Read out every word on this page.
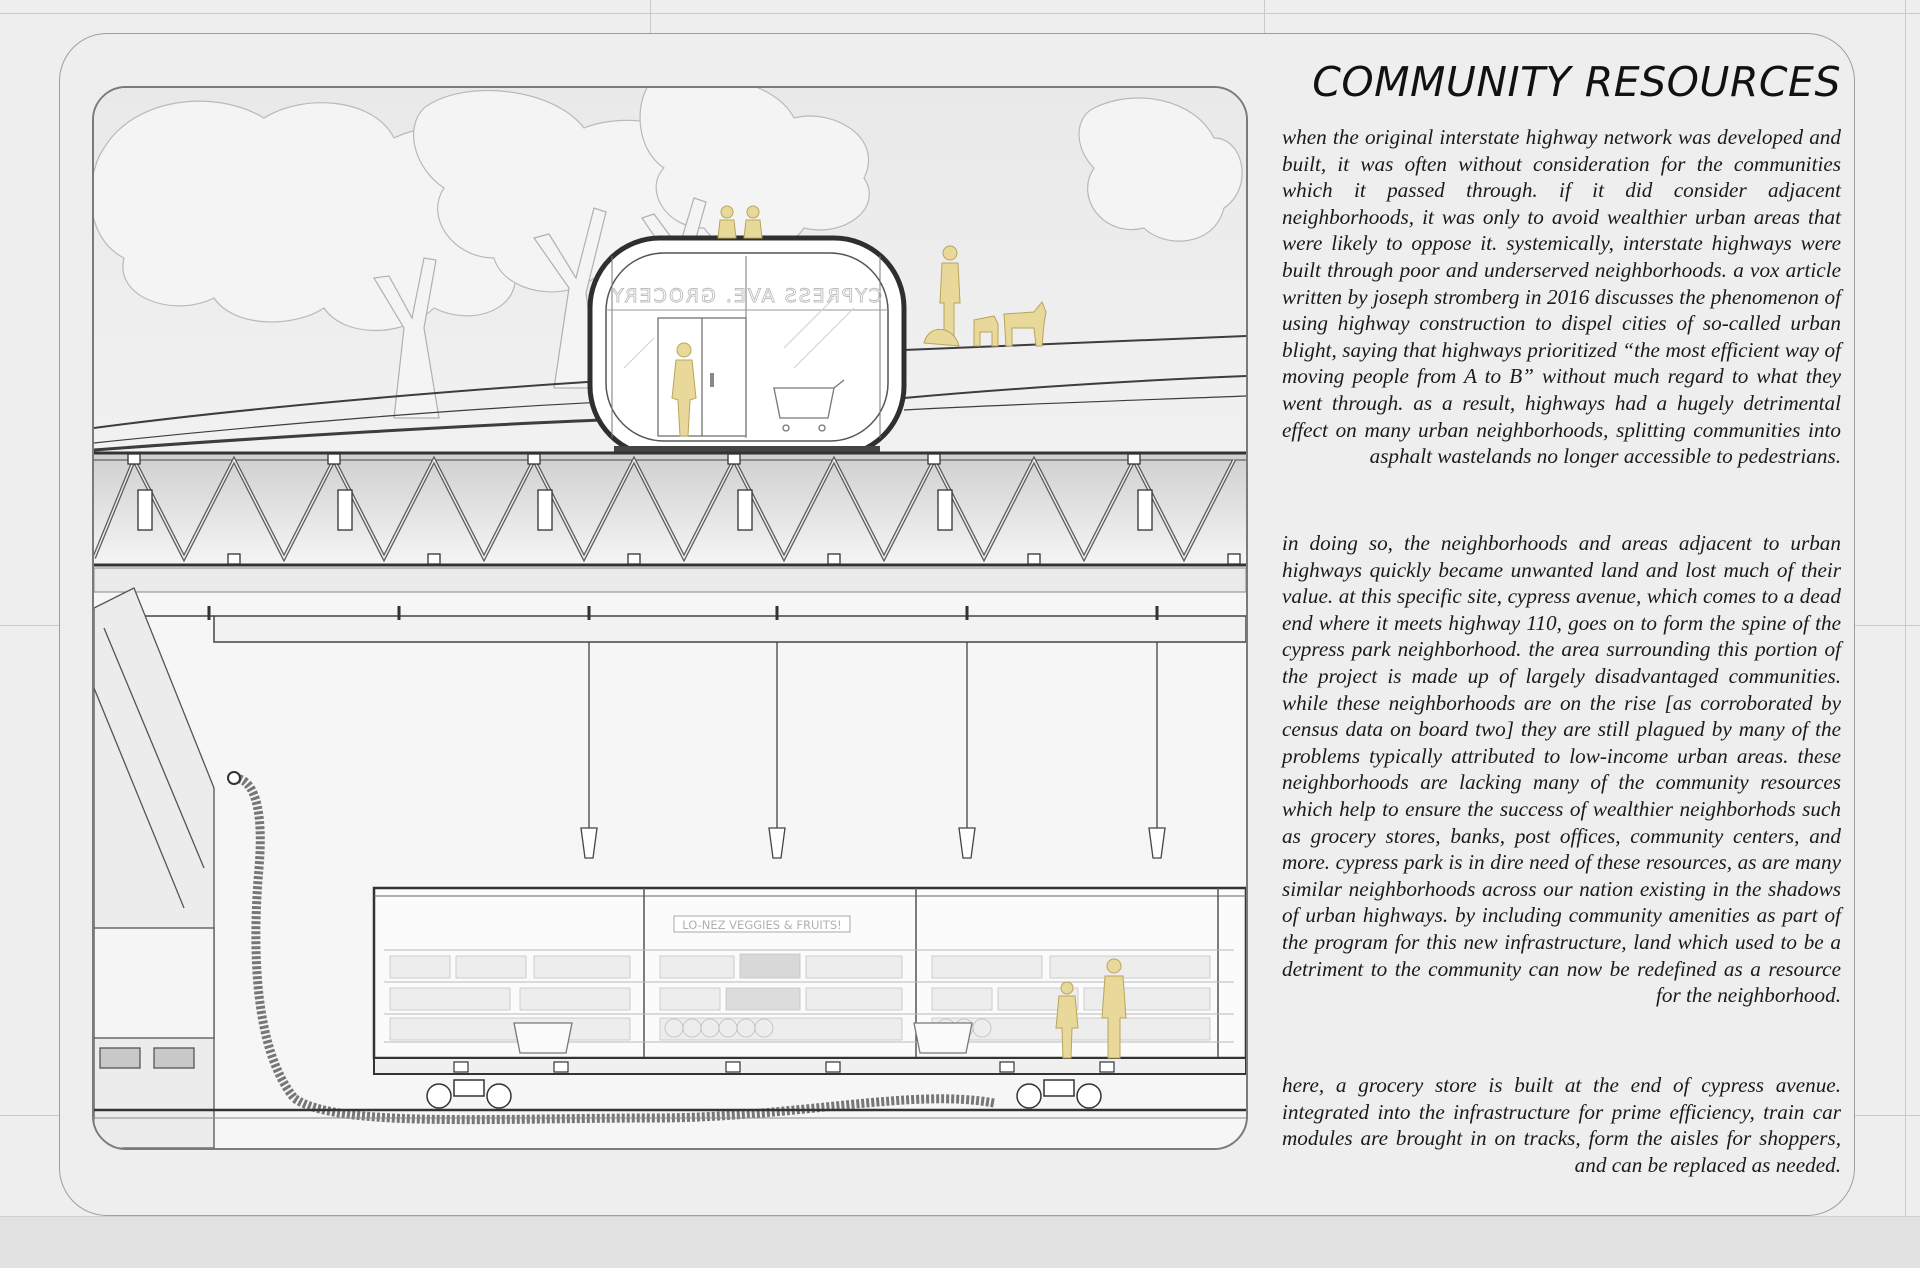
CYPRESS AVE. GROCERY
LO-NEZ VEGGIES & FRUITS!
COMMUNITY RESOURCES

when the original interstate highway network was developed and built, it was often without consideration for the communities which it passed through. if it did consider adjacent neighborhoods, it was only to avoid wealthier urban areas that were likely to oppose it. systemically, interstate highways were built through poor and underserved neighborhoods. a vox article written by joseph stromberg in 2016 discusses the phenomenon of using highway construction to dispel cities of so-called urban blight, saying that highways prioritized “the most efficient way of moving people from A to B” without much regard to what they went through. as a result, highways had a hugely detrimental effect on many urban neighborhoods, splitting communities into asphalt wastelands no longer accessible to pedestrians.

in doing so, the neighborhoods and areas adjacent to urban highways quickly became unwanted land and lost much of their value. at this specific site, cypress avenue, which comes to a dead end where it meets highway 110, goes on to form the spine of the cypress park neighborhood. the area surrounding this portion of the project is made up of largely disadvantaged communities. while these neighborhoods are on the rise [as corroborated by census data on board two] they are still plagued by many of the problems typically attributed to low-income urban areas. these neighborhoods are lacking many of the community resources which help to ensure the success of wealthier neighborhods such as grocery stores, banks, post offices, community centers, and more. cypress park is in dire need of these resources, as are many similar neighborhoods across our nation existing in the shadows of urban highways. by including community amenities as part of the program for this new infrastructure, land which used to be a detriment to the community can now be redefined as a resource for the neighborhood.

here, a grocery store is built at the end of cypress avenue. integrated into the infrastructure for prime efficiency, train car modules are brought in on tracks, form the aisles for shoppers, and can be replaced as needed.
